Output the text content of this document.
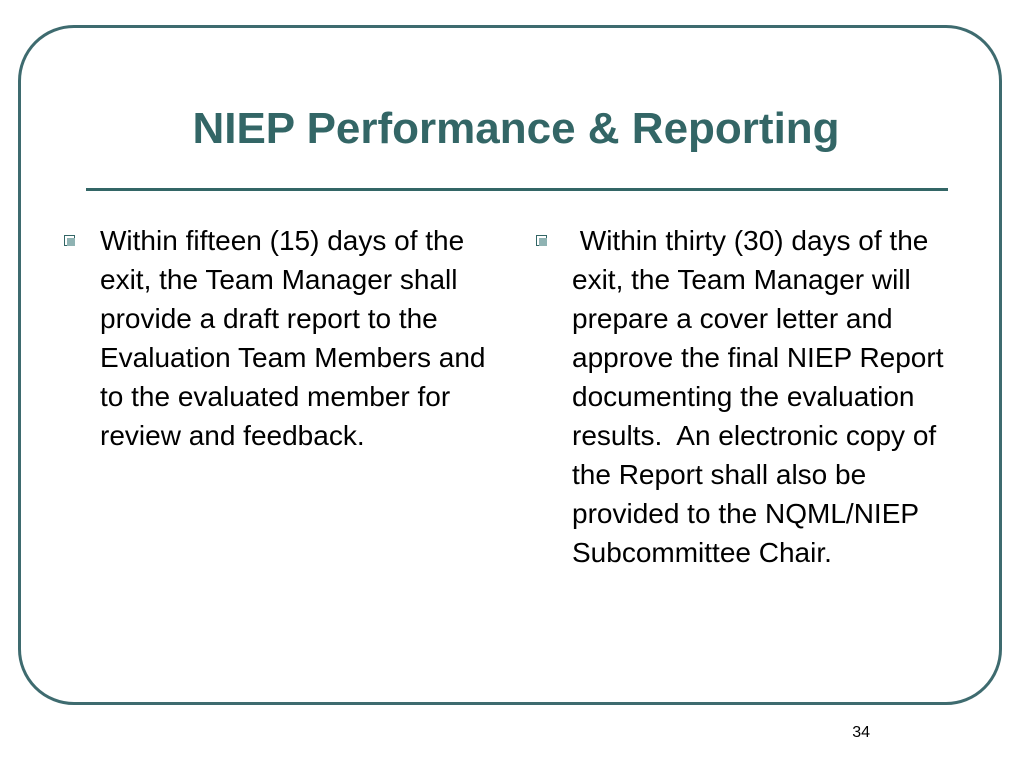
NIEP Performance & Reporting
Within fifteen (15) days of the exit, the Team Manager shall provide a draft report to the Evaluation Team Members and to the evaluated member for review and feedback.
Within thirty (30) days of the exit, the Team Manager will prepare a cover letter and approve the final NIEP Report documenting the evaluation results.  An electronic copy of the Report shall also be provided to the NQML/NIEP Subcommittee Chair.
34
